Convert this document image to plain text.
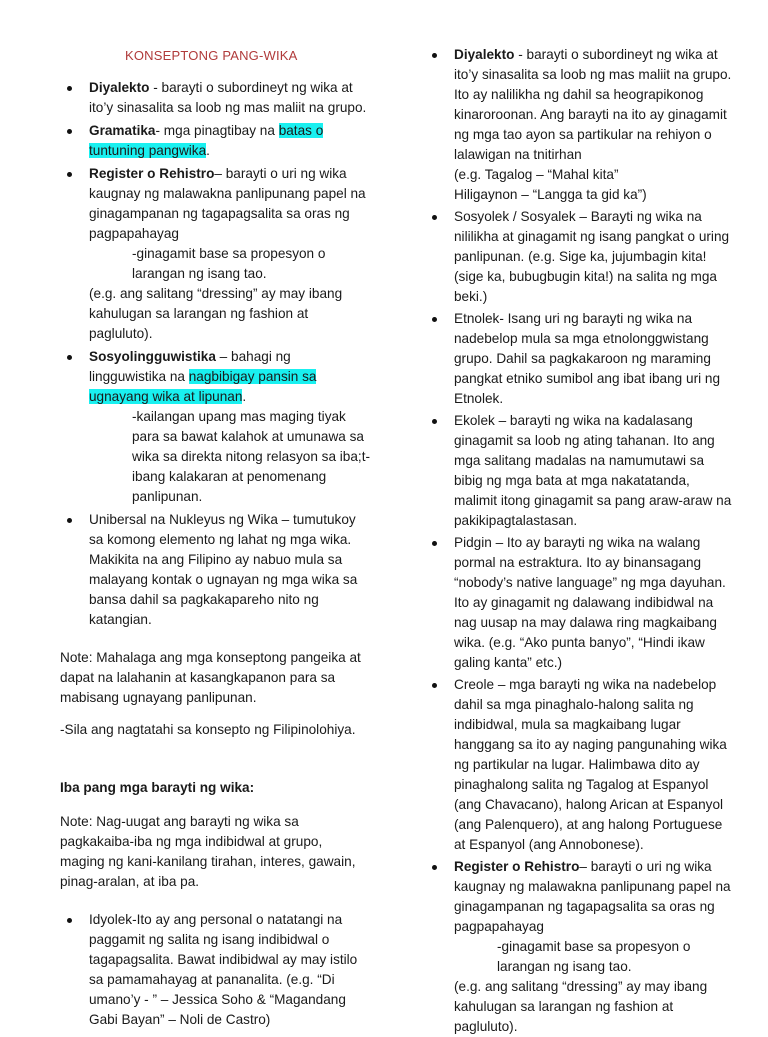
KONSEPTONG PANG-WIKA

Diyalekto - barayti o subordineyt ng wika at ito’y sinasalita sa loob ng mas maliit na grupo.
Gramatika- mga pinagtibay na batas o tuntuning pangwika.
Register o Rehistro– barayti o uri ng wika kaugnay ng malawakna panlipunang papel na ginagampanan ng tagapagsalita sa oras ng pagpapahayag
-ginagamit base sa propesyon o larangan ng isang tao.
(e.g. ang salitang “dressing” ay may ibang kahulugan sa larangan ng fashion at pagluluto).
Sosyolingguwistika – bahagi ng lingguwistika na nagbibigay pansin sa ugnayang wika at lipunan.
-kailangan upang mas maging tiyak para sa bawat kalahok at umunawa sa wika sa direkta nitong relasyon sa iba;t-ibang kalakaran at penomenang panlipunan.
Unibersal na Nukleyus ng Wika – tumutukoy sa komong elemento ng lahat ng mga wika. Makikita na ang Filipino ay nabuo mula sa malayang kontak o ugnayan ng mga wika sa bansa dahil sa pagkakapareho nito ng katangian.

Note: Mahalaga ang mga konseptong pangeika at dapat na lalahanin at kasangkapanon para sa mabisang ugnayang panlipunan.

-Sila ang nagtatahi sa konsepto ng Filipinolohiya.

Iba pang mga barayti ng wika:

Note: Nag-uugat ang barayti ng wika sa pagkakaiba-iba ng mga indibidwal at grupo, maging ng kani-kanilang tirahan, interes, gawain, pinag-aralan, at iba pa.

Idyolek-Ito ay ang personal o natatangi na paggamit ng salita ng isang indibidwal o tagapagsalita. Bawat indibidwal ay may istilo sa pamamahayag at pananalita. (e.g. “Di umano’y - ” – Jessica Soho & “Magandang Gabi Bayan” – Noli de Castro)
Diyalekto - barayti o subordineyt ng wika at ito’y sinasalita sa loob ng mas maliit na grupo. Ito ay nalilikha ng dahil sa heograpikonog kinaroroonan. Ang barayti na ito ay ginagamit ng mga tao ayon sa partikular na rehiyon o lalawigan na tnitirhan
(e.g. Tagalog – “Mahal kita”
Hiligaynon – “Langga ta gid ka”)
Sosyolek / Sosyalek – Barayti ng wika na nililikha at ginagamit ng isang pangkat o uring panlipunan. (e.g. Sige ka, jujumbagin kita! (sige ka, bubugbugin kita!) na salita ng mga beki.)
Etnolek- Isang uri ng barayti ng wika na nadebelop mula sa mga etnolonggwistang grupo. Dahil sa pagkakaroon ng maraming pangkat etniko sumibol ang ibat ibang uri ng Etnolek.
Ekolek – barayti ng wika na kadalasang ginagamit sa loob ng ating tahanan. Ito ang mga salitang madalas na namumutawi sa bibig ng mga bata at mga nakatatanda, malimit itong ginagamit sa pang araw-araw na pakikipagtalastasan.
Pidgin – Ito ay barayti ng wika na walang pormal na estraktura. Ito ay binansagang “nobody’s native language” ng mga dayuhan. Ito ay ginagamit ng dalawang indibidwal na nag uusap na may dalawa ring magkaibang wika. (e.g. “Ako punta banyo”, “Hindi ikaw galing kanta” etc.)
Creole – mga barayti ng wika na nadebelop dahil sa mga pinaghalo-halong salita ng indibidwal, mula sa magkaibang lugar hanggang sa ito ay naging pangunahing wika ng partikular na lugar. Halimbawa dito ay pinaghalong salita ng Tagalog at Espanyol (ang Chavacano), halong Arican at Espanyol (ang Palenquero), at ang halong Portuguese at Espanyol (ang Annobonese).
Register o Rehistro– barayti o uri ng wika kaugnay ng malawakna panlipunang papel na ginagampanan ng tagapagsalita sa oras ng pagpapahayag
-ginagamit base sa propesyon o larangan ng isang tao.
(e.g. ang salitang “dressing” ay may ibang kahulugan sa larangan ng fashion at pagluluto).
